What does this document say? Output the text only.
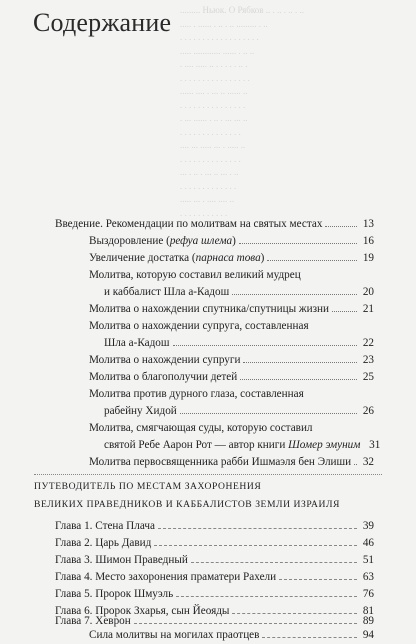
......... Ньюк. О Рябков .. . .. . .. . ..
..... . ...... . .. . .. ......... . ..
. . . . . . . . . . . . . . . . . .
..... ............ ...... . .. ..
. .... ..... .. . . . . . .. .
. . . . . . . . . . . . . . . .
...... .... . ... .. ...... ..
. . . . . . . . . . . . . . .
. ... ...... . .. . ... ... ..
. . . . . . . . . . . . . .
.... ... ..... ... . ..... ..
. . . . . . . . . . . . . .
... . .. . ... .. ... . ..
. . . . . . . . . . . . .
..... ... . .... .... ..
. . . . . . . . . . .
Содержание
Введение. Рекомендации по молитвам на святых местах	13
Выздоровление (рефуа шлема)	16
Увеличение достатка (парнаса това)	19
Молитва, которую составил великий мудрец
и каббалист Шла а-Кадош	20
Молитва о нахождении спутника/спутницы жизни	21
Молитва о нахождении супруга, составленная
Шла а-Кадош	22
Молитва о нахождении супруги	23
Молитва о благополучии детей	25
Молитва против дурного глаза, составленная
рабейну Хидой	26
Молитва, смягчающая суды, которую составил
святой Ребе Аарон Рот — автор книги Шомер эмуним 31
Молитва первосвященника рабби Ишмаэля бен Элиши 32
ПУТЕВОДИТЕЛЬ ПО МЕСТАМ ЗАХОРОНЕНИЯ
ВЕЛИКИХ ПРАВЕДНИКОВ И КАББАЛИСТОВ ЗЕМЛИ ИЗРАИЛЯ
Глава 1. Стена Плача	39
Глава 2. Царь Давид	46
Глава 3. Шимон Праведный	51
Глава 4. Место захоронения праматери Рахели	63
Глава 5. Пророк Шмуэль	76
Глава 6. Пророк Зхарья, сын Йеояды	81
Глава 7. Хеврон	89
Сила молитвы на могилах праотцев	94
